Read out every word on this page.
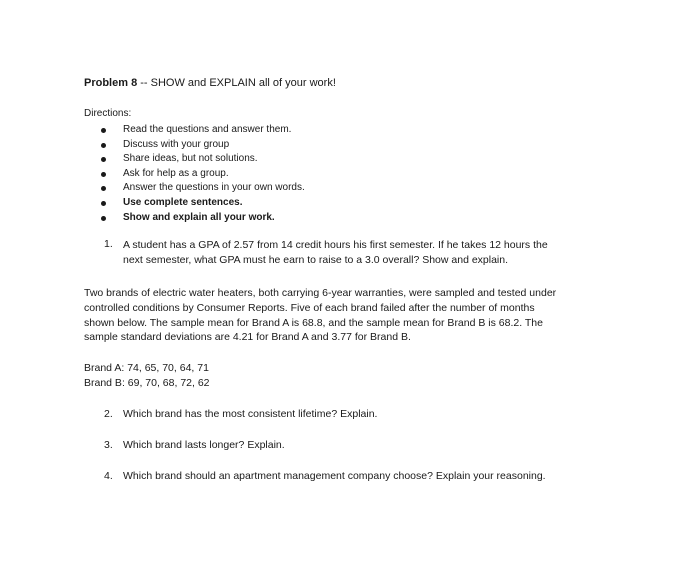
Problem 8 -- SHOW and EXPLAIN all of your work!
Directions:
Read the questions and answer them.
Discuss with your group
Share ideas, but not solutions.
Ask for help as a group.
Answer the questions in your own words.
Use complete sentences.
Show and explain all your work.
1. A student has a GPA of 2.57 from 14 credit hours his first semester. If he takes 12 hours the
next semester, what GPA must he earn to raise to a 3.0 overall? Show and explain.
Two brands of electric water heaters, both carrying 6-year warranties, were sampled and tested under
controlled conditions by Consumer Reports. Five of each brand failed after the number of months
shown below. The sample mean for Brand A is 68.8, and the sample mean for Brand B is 68.2. The
sample standard deviations are 4.21 for Brand A and 3.77 for Brand B.
Brand A: 74, 65, 70, 64, 71
Brand B: 69, 70, 68, 72, 62
2. Which brand has the most consistent lifetime? Explain.
3. Which brand lasts longer? Explain.
4. Which brand should an apartment management company choose? Explain your reasoning.
